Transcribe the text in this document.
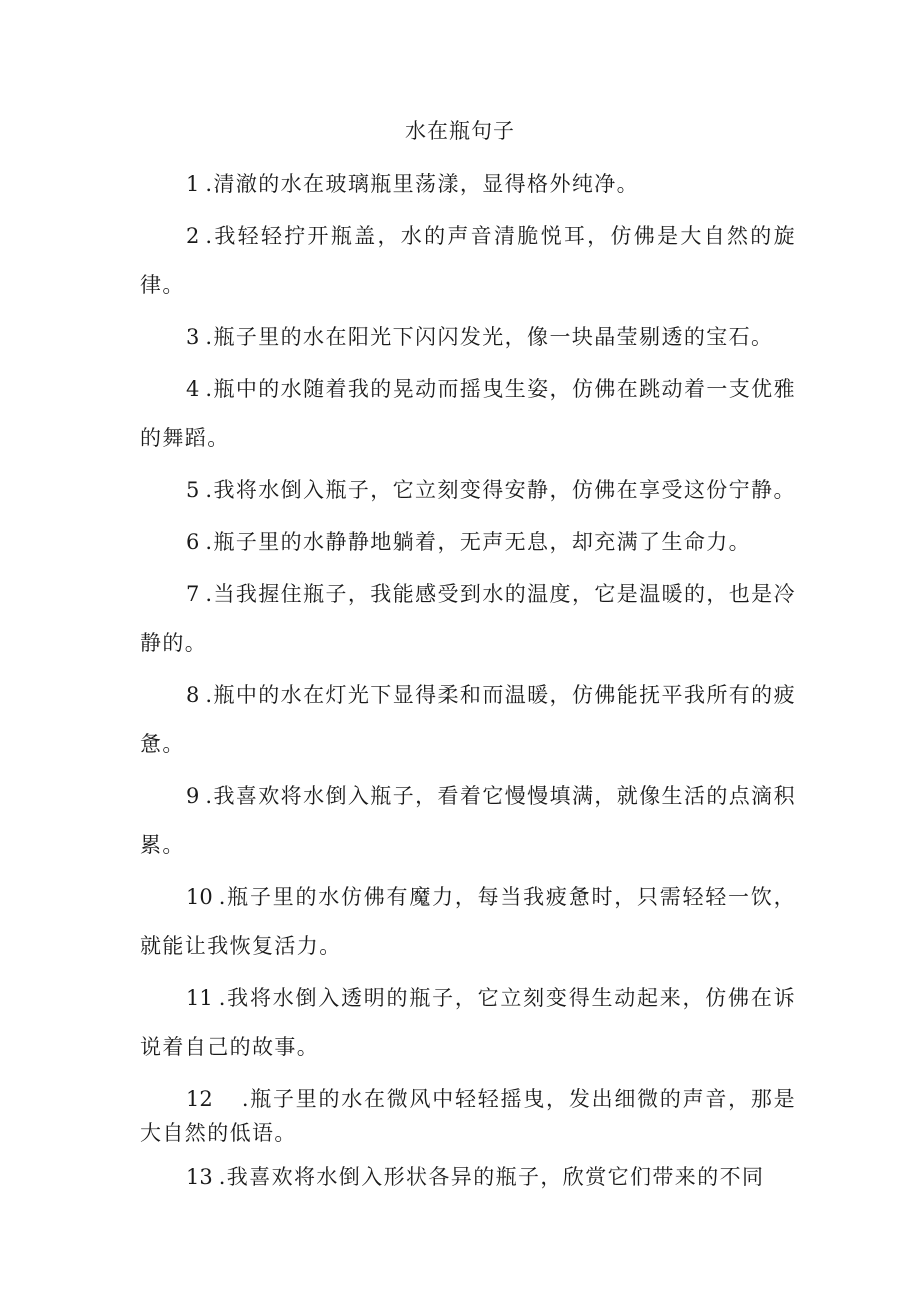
水在瓶句子
1 .清澈的水在玻璃瓶里荡漾，显得格外纯净。
2 .我轻轻拧开瓶盖，水的声音清脆悦耳，仿佛是大自然的旋律。
3 .瓶子里的水在阳光下闪闪发光，像一块晶莹剔透的宝石。
4 .瓶中的水随着我的晃动而摇曳生姿，仿佛在跳动着一支优雅的舞蹈。
5 .我将水倒入瓶子，它立刻变得安静，仿佛在享受这份宁静。
6 .瓶子里的水静静地躺着，无声无息，却充满了生命力。
7 .当我握住瓶子，我能感受到水的温度，它是温暖的，也是冷静的。
8 .瓶中的水在灯光下显得柔和而温暖，仿佛能抚平我所有的疲惫。
9 .我喜欢将水倒入瓶子，看着它慢慢填满，就像生活的点滴积累。
10 .瓶子里的水仿佛有魔力，每当我疲惫时，只需轻轻一饮，就能让我恢复活力。
11 .我将水倒入透明的瓶子，它立刻变得生动起来，仿佛在诉说着自己的故事。
12　.瓶子里的水在微风中轻轻摇曳，发出细微的声音，那是大自然的低语。
13 .我喜欢将水倒入形状各异的瓶子，欣赏它们带来的不同
